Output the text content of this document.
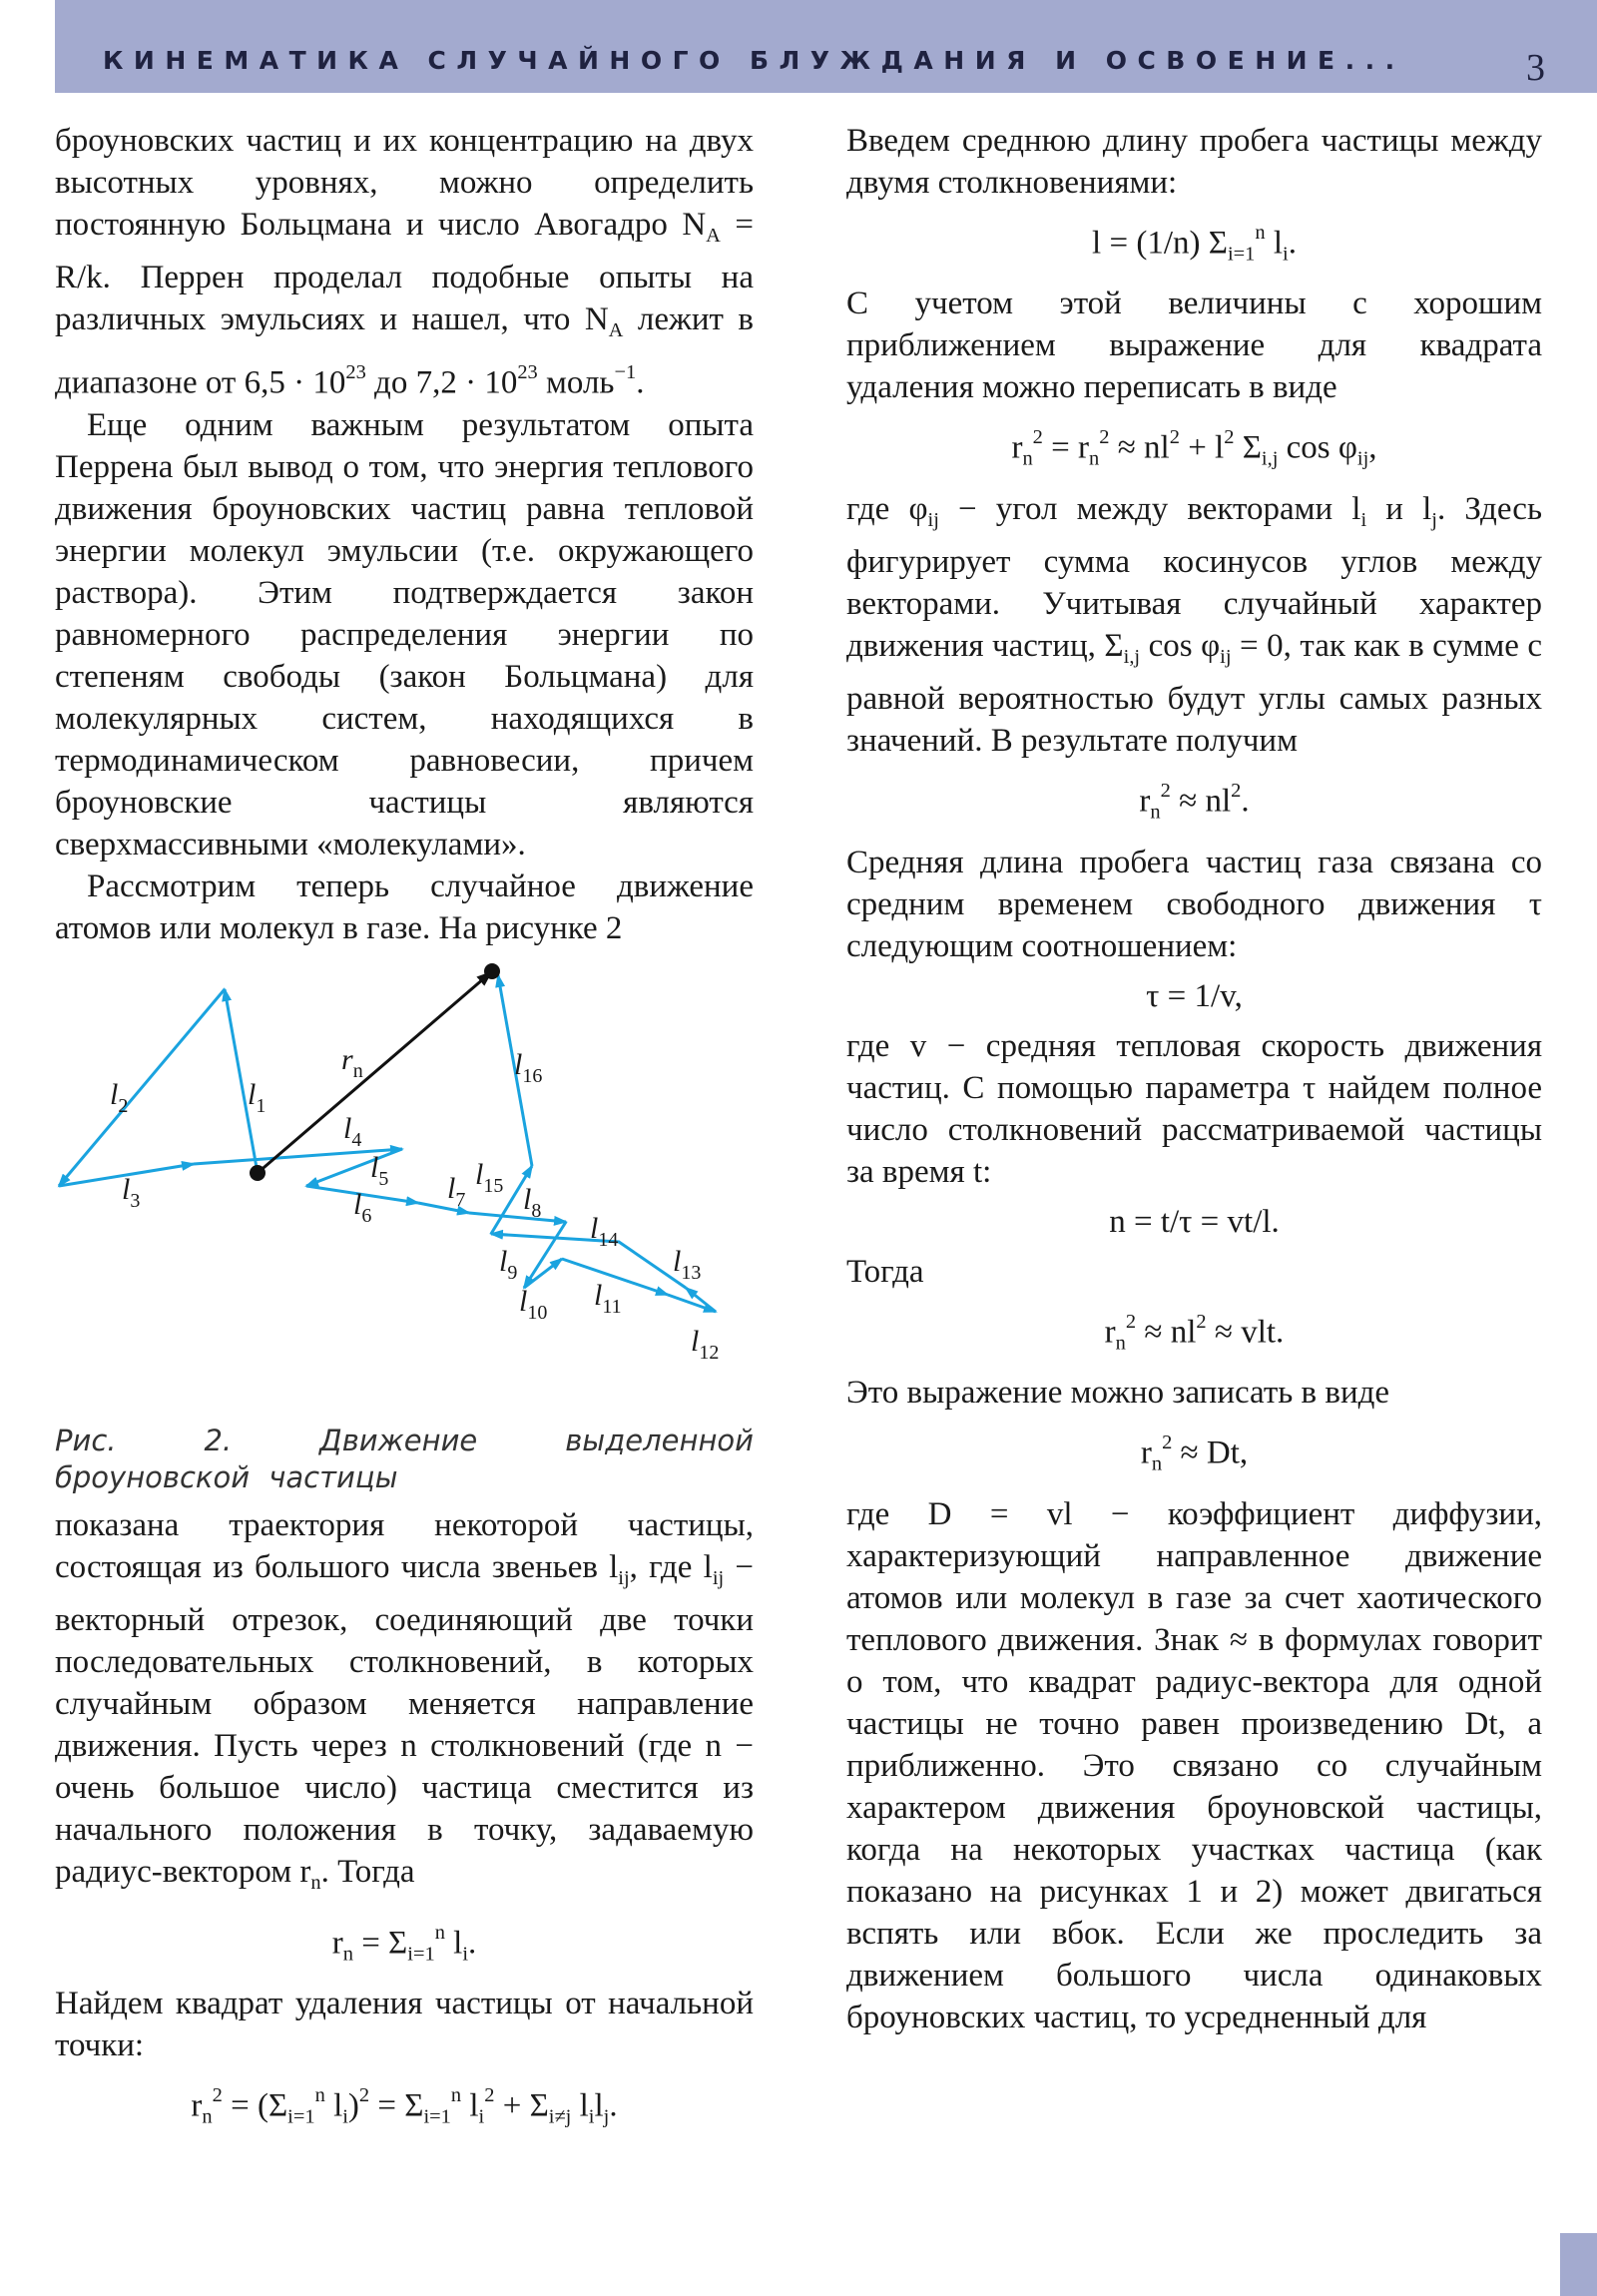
КИНЕМАТИКА СЛУЧАЙНОГО БЛУЖДАНИЯ И ОСВОЕНИЕ...	3

броуновских частиц и их концентрацию на двух высотных уровнях, можно определить постоянную Больцмана и число Авогадро $N_A = R/k$. Перрен проделал подобные опыты на различных эмульсиях и нашел, что $N_A$ лежит в диапазоне от $6,5 \cdot 10^{23}$ до $7,2 \cdot 10^{23}$ моль$^{-1}$.

Еще одним важным результатом опыта Перрена был вывод о том, что энергия теплового движения броуновских частиц равна тепловой энергии молекул эмульсии (т.е. окружающего раствора). Этим подтверждается закон равномерного распределения энергии по степеням свободы (закон Больцмана) для молекулярных систем, находящихся в термодинамическом равновесии, причем броуновские частицы являются сверхмассивными «молекулами».

Рассмотрим теперь случайное движение атомов или молекул в газе. На рисунке 2

$r_n$
$l_1$
$l_2$
$l_3$
$l_4$
$l_5$
$l_6$
$l_7$ $l_8$
$l_9$
$l_{10}$
$l_{11}$
$l_{12}$
$l_{13}$
$l_{14}$
$l_{15}$
$l_{16}$

Рис. 2. Движение выделенной броуновской частицы

показана траектория некоторой частицы, состоящая из большого числа звеньев $l_{ij}$, где $l_{ij}$ − векторный отрезок, соединяющий две точки последовательных столкновений, в которых случайным образом меняется направление движения. Пусть через n столкновений (где n − очень большое число) частица сместится из начального положения в точку, задаваемую радиус-вектором $r_n$. Тогда

$r_n = \Sigma_{i=1}^n$ $l_i$.

Найдем квадрат удаления частицы от начальной точки:

$r_n^2 = (\Sigma_{i=1}^n$ $l_i)^2 = \Sigma_{i=1}^n$ $l_i^2 + \Sigma_{i\ne j}$ $l_il_j$.

Введем среднюю длину пробега частицы между двумя столкновениями:

l = (1/n) $\Sigma_{i=1}^n$ $l_i$.

С учетом этой величины с хорошим приближением выражение для квадрата удаления можно переписать в виде

$r_n^2 = r_n^2 \approx nl^2 + l^2$ $\Sigma_{i,j}$ $\cos \varphi_{ij}$,

где $\varphi_{ij}$ − угол между векторами $l_i$ и $l_j$. Здесь фигурирует сумма косинусов углов между векторами. Учитывая случайный характер движения частиц, $\Sigma_{i,j}$ $\cos \varphi_{ij} = 0$, так как в сумме с равной вероятностью будут углы самых разных значений. В результате получим

$r_n^2 \approx nl^2$.

Средняя длина пробега частиц газа связана со средним временем свободного движения τ следующим соотношением:

τ = 1/v,

где v − средняя тепловая скорость движения частиц. С помощью параметра τ найдем полное число столкновений рассматриваемой частицы за время t:

n = t/τ = vt/l.

Тогда

$r_n^2 \approx nl^2$ ≈ vlt.

Это выражение можно записать в виде

$r_n^2 \approx Dt$,

где D = vl − коэффициент диффузии, характеризующий направленное движение атомов или молекул в газе за счет хаотического теплового движения. Знак ≈ в формулах говорит о том, что квадрат радиус-вектора для одной частицы не точно равен произведению Dt, а приближенно. Это связано со случайным характером движения броуновской частицы, когда на некоторых участках частица (как показано на рисунках 1 и 2) может двигаться вспять или вбок. Если же проследить за движением большого числа одинаковых броуновских частиц, то усредненный для
